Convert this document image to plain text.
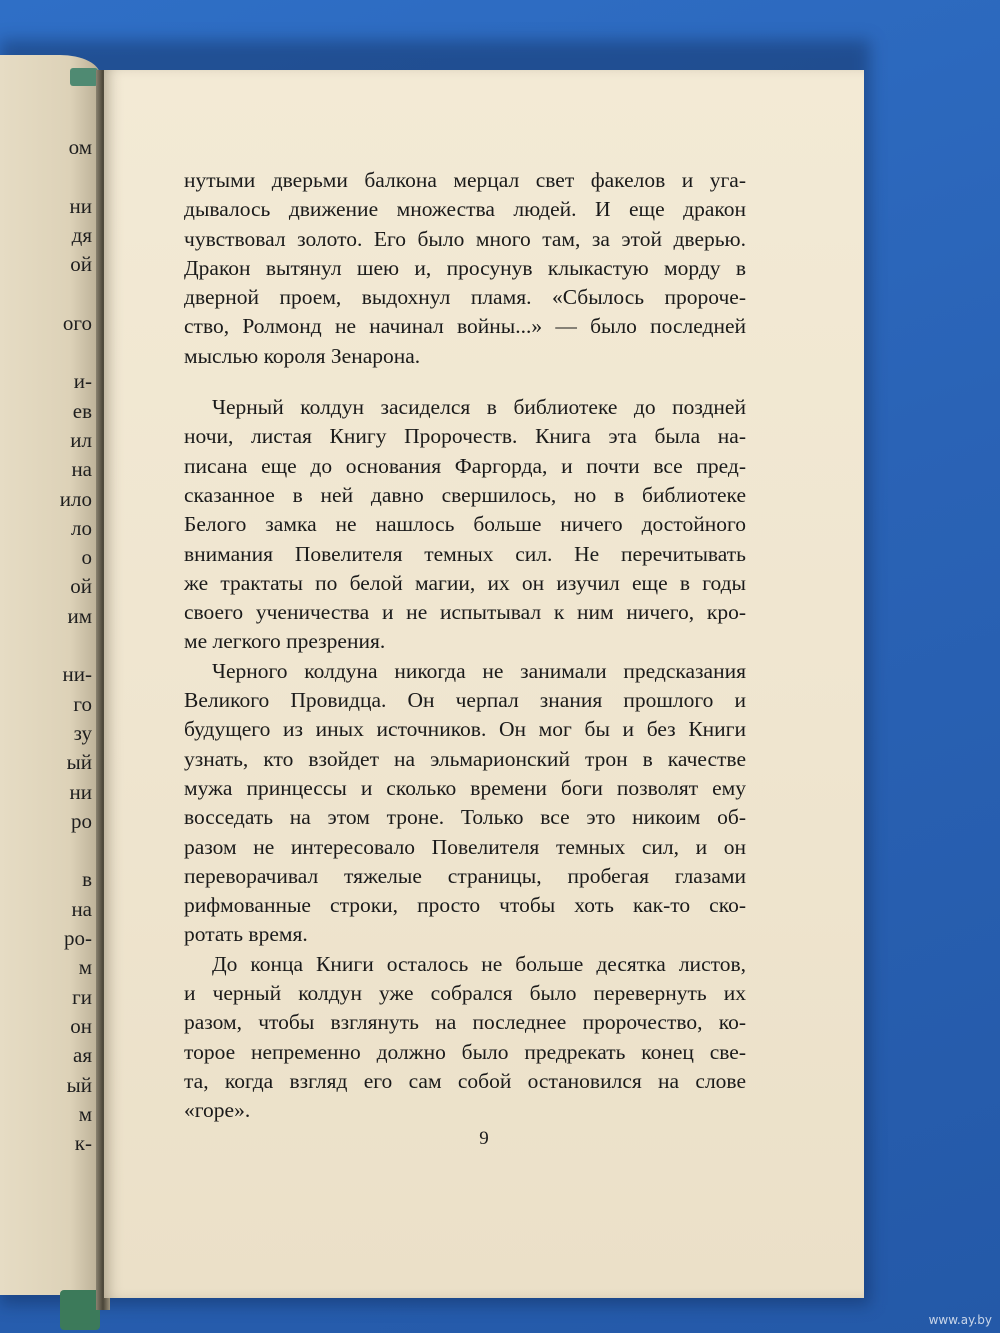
ом
ни
дя
ой
ого
и-
ев
ил
на
ило
ло
о
ой
им
ни-
го
зу
ый
ни
ро
в
на
ро-
м
ги
он
ая
ый
м
к-
нутыми дверьми балкона мерцал свет факелов и уга-
дывалось движение множества людей. И еще дракон
чувствовал золото. Его было много там, за этой дверью.
Дракон вытянул шею и, просунув клыкастую морду в
дверной проем, выдохнул пламя. «Сбылось пророче-
ство, Ролмонд не начинал войны...» — было последней
мыслью короля Зенарона.
Черный колдун засиделся в библиотеке до поздней
ночи, листая Книгу Пророчеств. Книга эта была на-
писана еще до основания Фаргорда, и почти все пред-
сказанное в ней давно свершилось, но в библиотеке
Белого замка не нашлось больше ничего достойного
внимания Повелителя темных сил. Не перечитывать
же трактаты по белой магии, их он изучил еще в годы
своего ученичества и не испытывал к ним ничего, кро-
ме легкого презрения.
Черного колдуна никогда не занимали предсказания
Великого Провидца. Он черпал знания прошлого и
будущего из иных источников. Он мог бы и без Книги
узнать, кто взойдет на эльмарионский трон в качестве
мужа принцессы и сколько времени боги позволят ему
восседать на этом троне. Только все это никоим об-
разом не интересовало Повелителя темных сил, и он
переворачивал тяжелые страницы, пробегая глазами
рифмованные строки, просто чтобы хоть как-то ско-
ротать время.
До конца Книги осталось не больше десятка листов,
и черный колдун уже собрался было перевернуть их
разом, чтобы взглянуть на последнее пророчество, ко-
торое непременно должно было предрекать конец све-
та, когда взгляд его сам собой остановился на слове
«горе».
9
www.ay.by
